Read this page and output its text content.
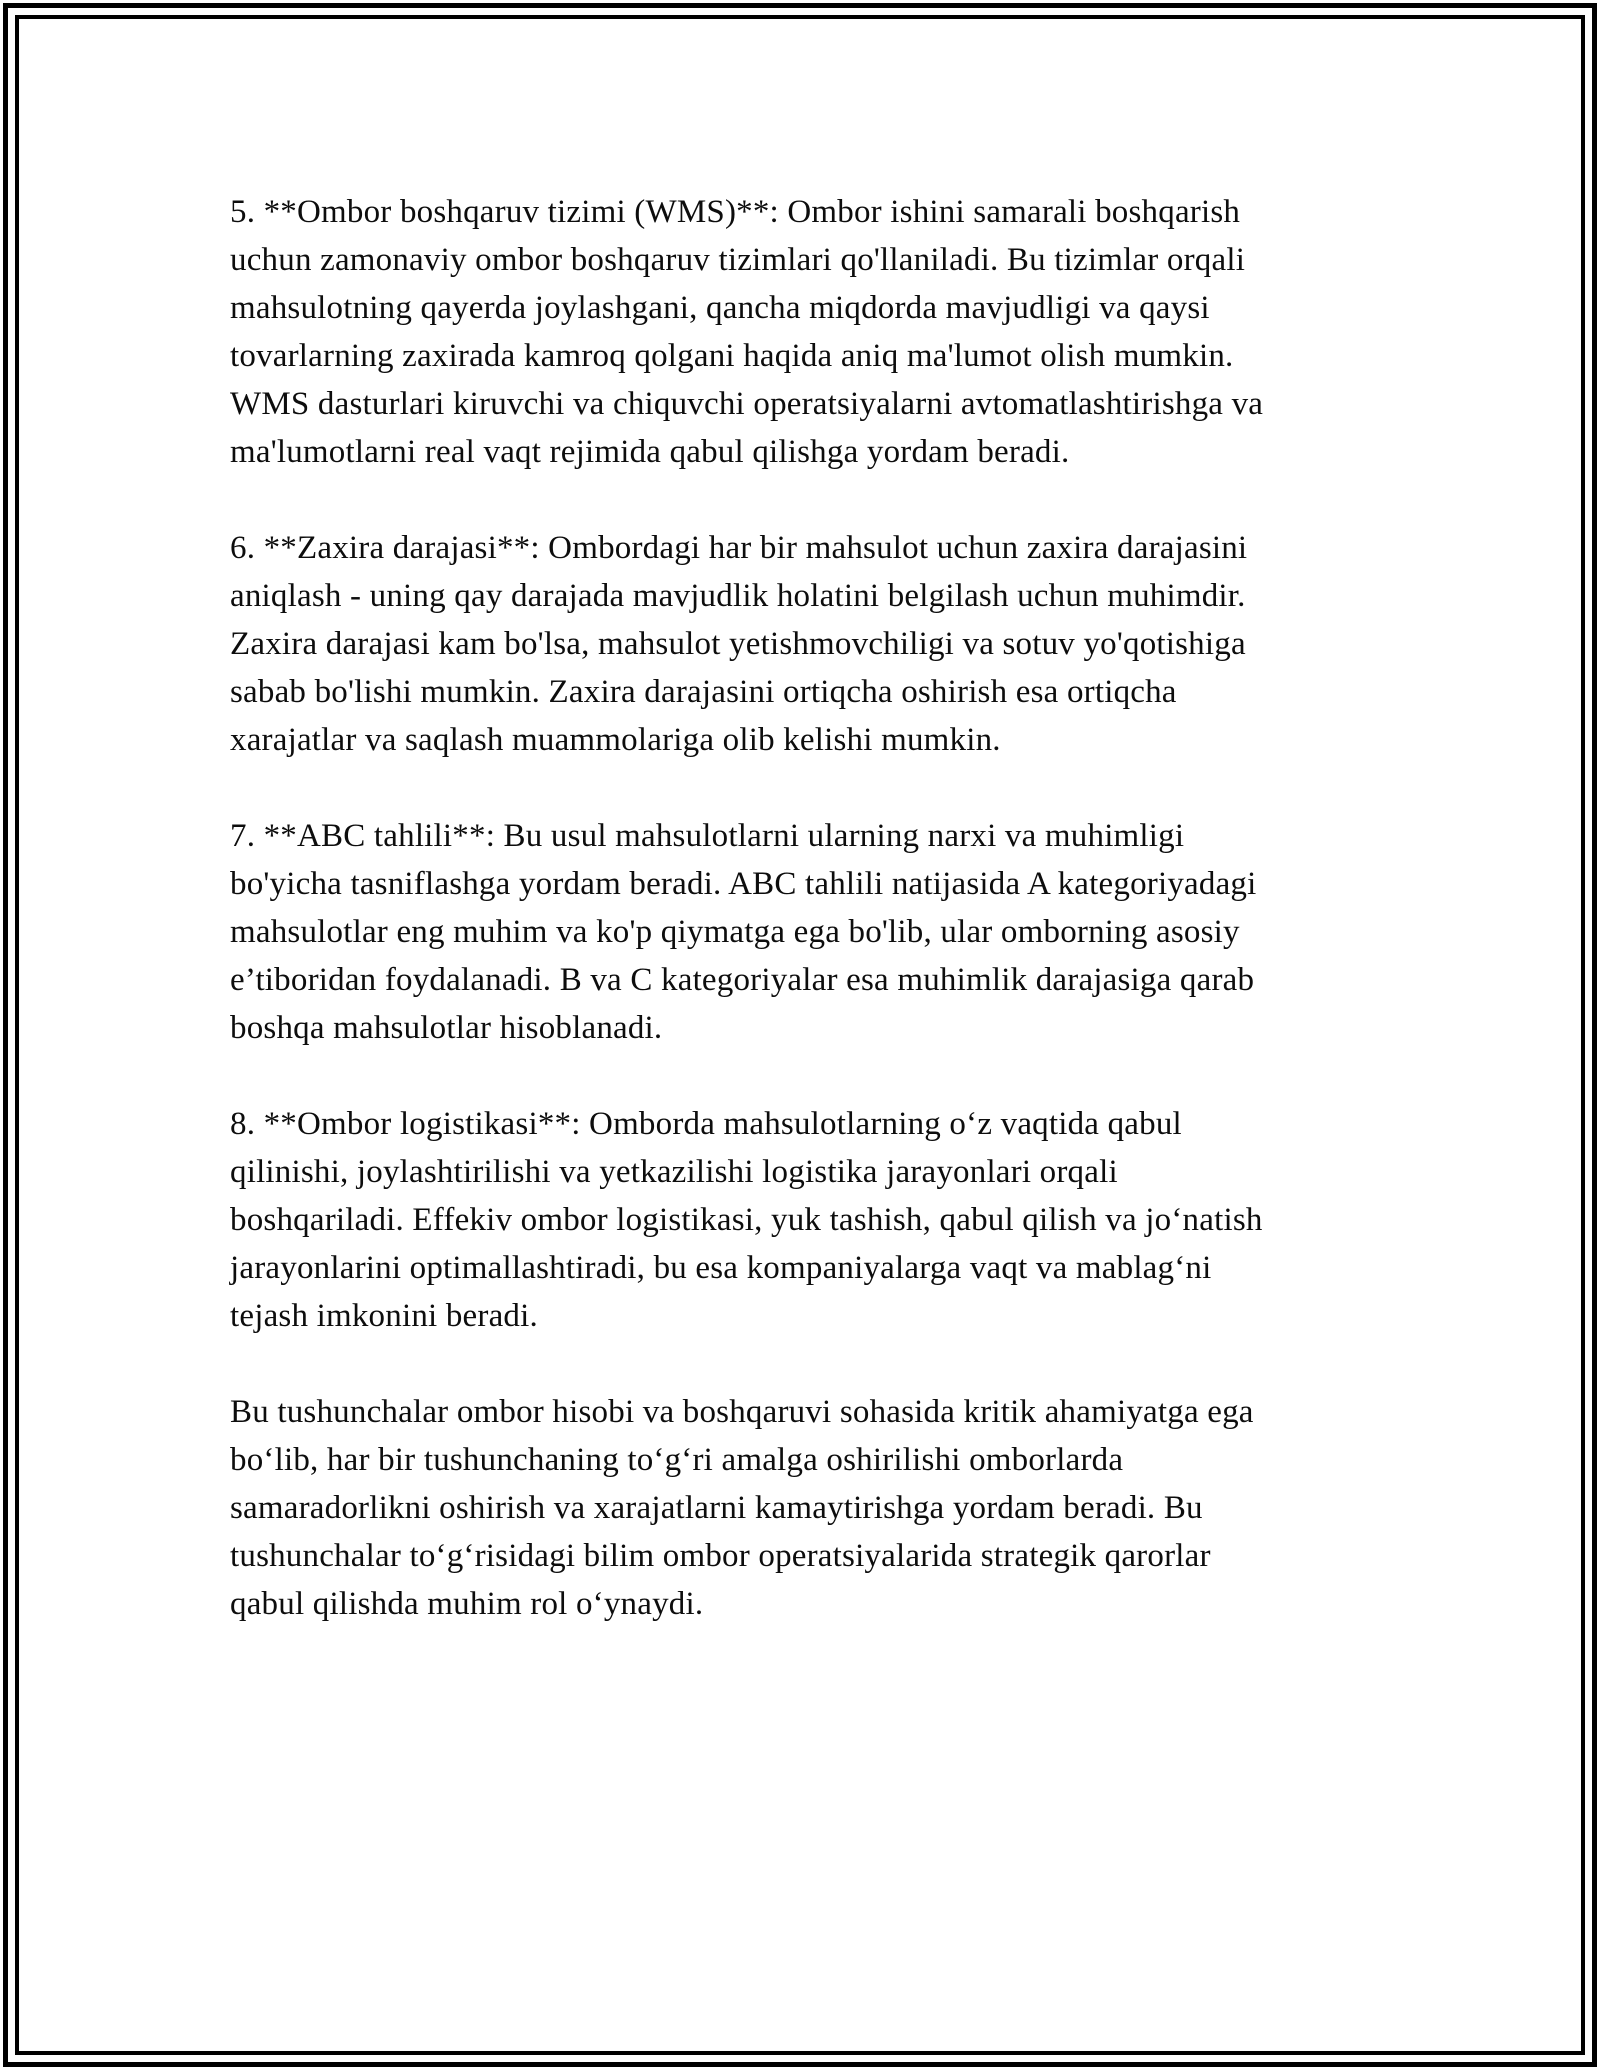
5. **Ombor boshqaruv tizimi (WMS)**: Ombor ishini samarali boshqarish
uchun zamonaviy ombor boshqaruv tizimlari qo'llaniladi. Bu tizimlar orqali
mahsulotning qayerda joylashgani, qancha miqdorda mavjudligi va qaysi
tovarlarning zaxirada kamroq qolgani haqida aniq ma'lumot olish mumkin.
WMS dasturlari kiruvchi va chiquvchi operatsiyalarni avtomatlashtirishga va
ma'lumotlarni real vaqt rejimida qabul qilishga yordam beradi.
6. **Zaxira darajasi**: Ombordagi har bir mahsulot uchun zaxira darajasini
aniqlash - uning qay darajada mavjudlik holatini belgilash uchun muhimdir.
Zaxira darajasi kam bo'lsa, mahsulot yetishmovchiligi va sotuv yo'qotishiga
sabab bo'lishi mumkin. Zaxira darajasini ortiqcha oshirish esa ortiqcha
xarajatlar va saqlash muammolariga olib kelishi mumkin.
7. **ABC tahlili**: Bu usul mahsulotlarni ularning narxi va muhimligi
bo'yicha tasniflashga yordam beradi. ABC tahlili natijasida A kategoriyadagi
mahsulotlar eng muhim va ko'p qiymatga ega bo'lib, ular omborning asosiy
e’tiboridan foydalanadi. B va C kategoriyalar esa muhimlik darajasiga qarab
boshqa mahsulotlar hisoblanadi.
8. **Ombor logistikasi**: Omborda mahsulotlarning o‘z vaqtida qabul
qilinishi, joylashtirilishi va yetkazilishi logistika jarayonlari orqali
boshqariladi. Effekiv ombor logistikasi, yuk tashish, qabul qilish va jo‘natish
jarayonlarini optimallashtiradi, bu esa kompaniyalarga vaqt va mablag‘ni
tejash imkonini beradi.
Bu tushunchalar ombor hisobi va boshqaruvi sohasida kritik ahamiyatga ega
bo‘lib, har bir tushunchaning to‘g‘ri amalga oshirilishi omborlarda
samaradorlikni oshirish va xarajatlarni kamaytirishga yordam beradi. Bu
tushunchalar to‘g‘risidagi bilim ombor operatsiyalarida strategik qarorlar
qabul qilishda muhim rol o‘ynaydi.
